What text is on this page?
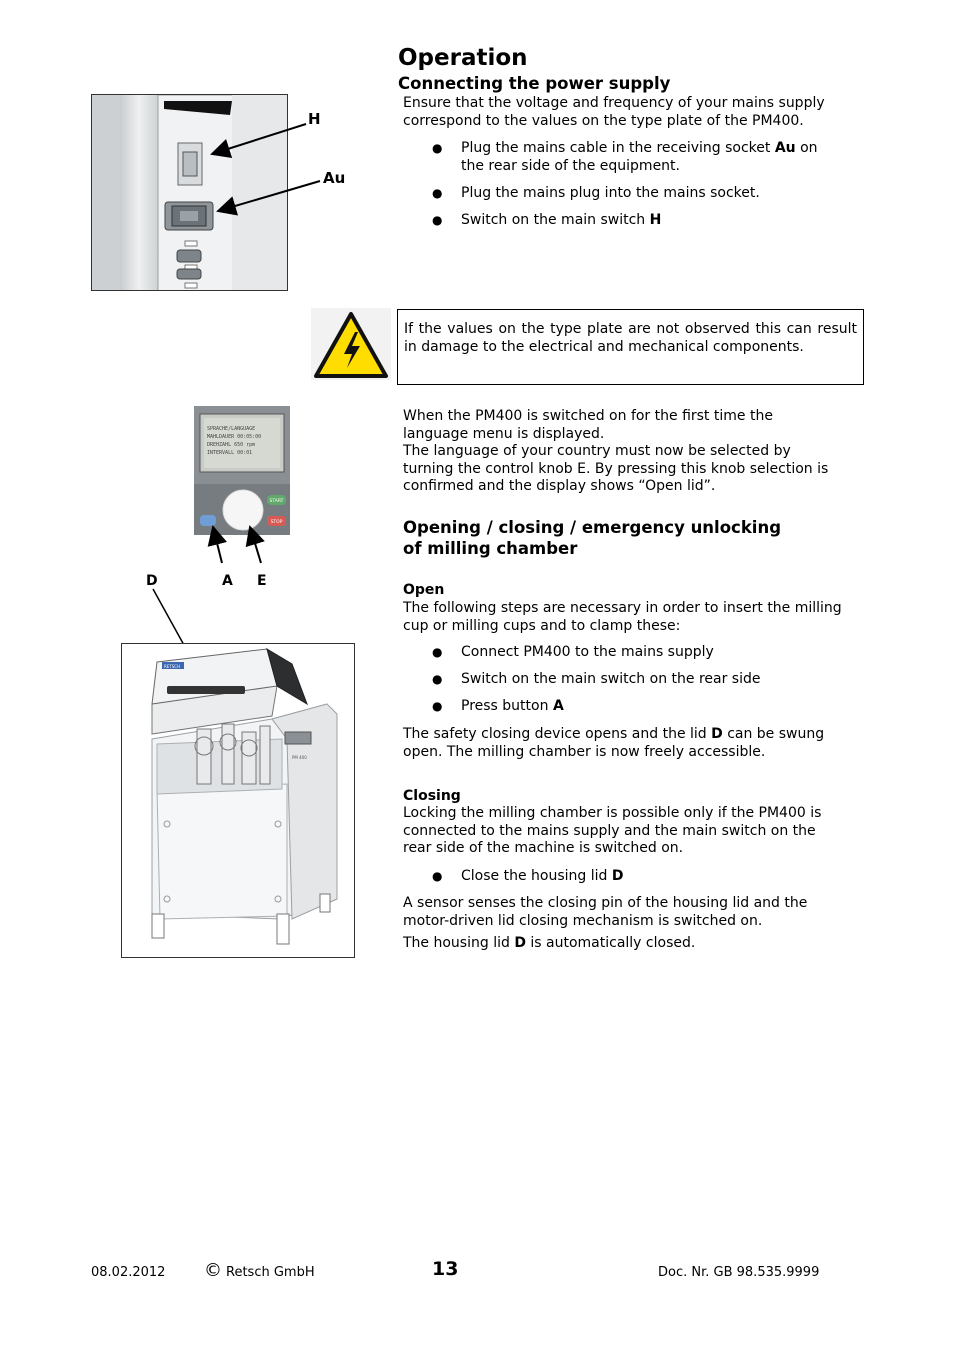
Operation
Connecting the power supply
Ensure that the voltage and frequency of your mains supply correspond to the values on the type plate of the PM400.
● Plug the mains cable in the receiving socket Au on
the rear side of the equipment.
● Plug the mains plug into the mains socket.
● Switch on the main switch H
H
Au
If the values on the type plate are not observed this can result in damage to the electrical and mechanical components.
SPRACHE/LANGUAGE
MAHLDAUER 00:05:00
DREHZAHL 650 rpm
INTERVALL 00:01
START
STOP
D	A E
When the PM400 is switched on for the first time the
language menu is displayed.
The language of your country must now be selected by
turning the control knob E. By pressing this knob selection is
confirmed and the display shows “Open lid”.
Opening / closing / emergency unlocking
of milling chamber
Open
The following steps are necessary in order to insert the milling
cup or milling cups and to clamp these:
● Connect PM400 to the mains supply
● Switch on the main switch on the rear side
● Press button A
The safety closing device opens and the lid D can be swung
open. The milling chamber is now freely accessible.
Closing
Locking the milling chamber is possible only if the PM400 is
connected to the mains supply and the main switch on the
rear side of the machine is switched on.
● Close the housing lid D
A sensor senses the closing pin of the housing lid and the
motor-driven lid closing mechanism is switched on.
The housing lid D is automatically closed.
PM 400
RETSCH
08.02.2012 © Retsch GmbH	13	Doc. Nr. GB 98.535.9999
